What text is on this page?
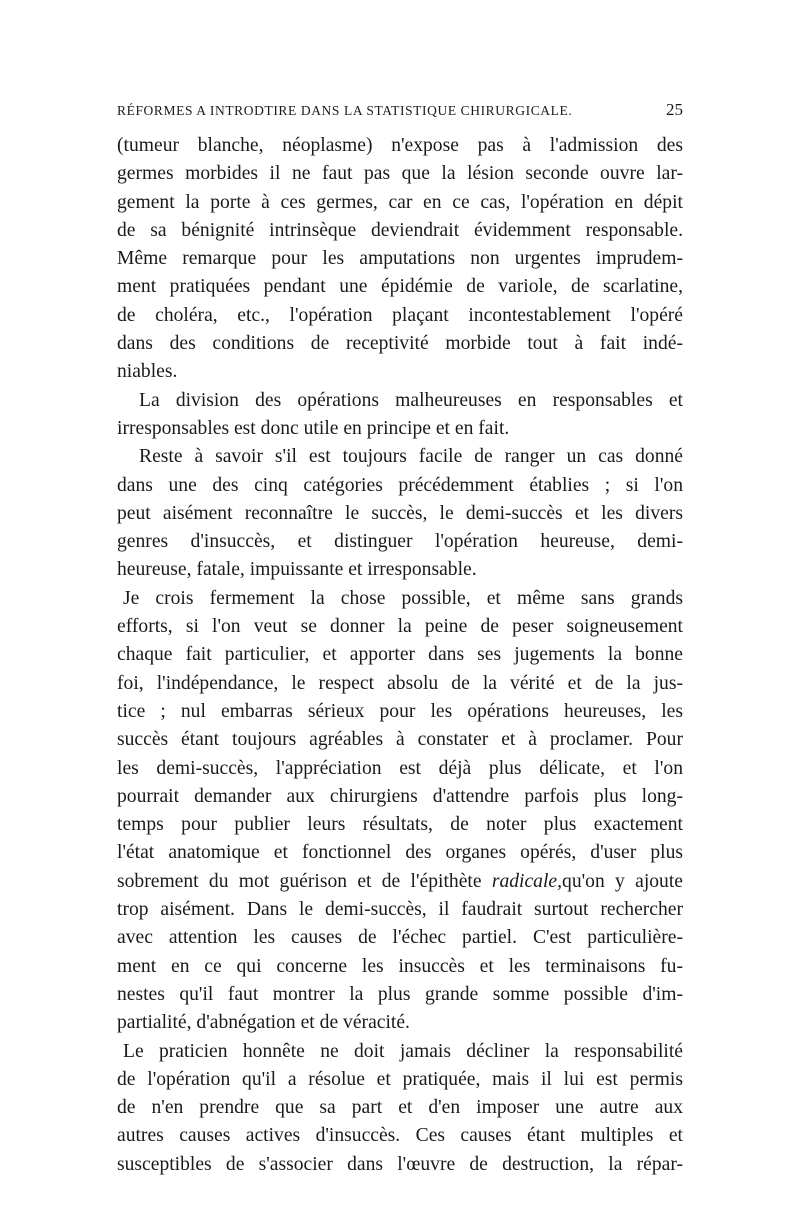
RÉFORMES A INTRODTIRE DANS LA STATISTIQUE CHIRURGICALE.	25
(tumeur blanche, néoplasme) n'expose pas à l'admission des
germes morbides il ne faut pas que la lésion seconde ouvre lar-
gement la porte à ces germes, car en ce cas, l'opération en dépit
de sa bénignité intrinsèque deviendrait évidemment responsable.
Même remarque pour les amputations non urgentes imprudem-
ment pratiquées pendant une épidémie de variole, de scarlatine,
de choléra, etc., l'opération plaçant incontestablement l'opéré
dans des conditions de receptivité morbide tout à fait indé-
niables.
La division des opérations malheureuses en responsables et
irresponsables est donc utile en principe et en fait.
Reste à savoir s'il est toujours facile de ranger un cas donné
dans une des cinq catégories précédemment établies ; si l'on
peut aisément reconnaître le succès, le demi-succès et les divers
genres d'insuccès, et distinguer l'opération heureuse, demi-
heureuse, fatale, impuissante et irresponsable.
Je crois fermement la chose possible, et même sans grands
efforts, si l'on veut se donner la peine de peser soigneusement
chaque fait particulier, et apporter dans ses jugements la bonne
foi, l'indépendance, le respect absolu de la vérité et de la jus-
tice ; nul embarras sérieux pour les opérations heureuses, les
succès étant toujours agréables à constater et à proclamer. Pour
les demi-succès, l'appréciation est déjà plus délicate, et l'on
pourrait demander aux chirurgiens d'attendre parfois plus long-
temps pour publier leurs résultats, de noter plus exactement
l'état anatomique et fonctionnel des organes opérés, d'user plus
sobrement du mot guérison et de l'épithète radicale,qu'on y ajoute
trop aisément. Dans le demi-succès, il faudrait surtout rechercher
avec attention les causes de l'échec partiel. C'est particulière-
ment en ce qui concerne les insuccès et les terminaisons fu-
nestes qu'il faut montrer la plus grande somme possible d'im-
partialité, d'abnégation et de véracité.
Le praticien honnête ne doit jamais décliner la responsabilité
de l'opération qu'il a résolue et pratiquée, mais il lui est permis
de n'en prendre que sa part et d'en imposer une autre aux
autres causes actives d'insuccès. Ces causes étant multiples et
susceptibles de s'associer dans l'œuvre de destruction, la répar-
